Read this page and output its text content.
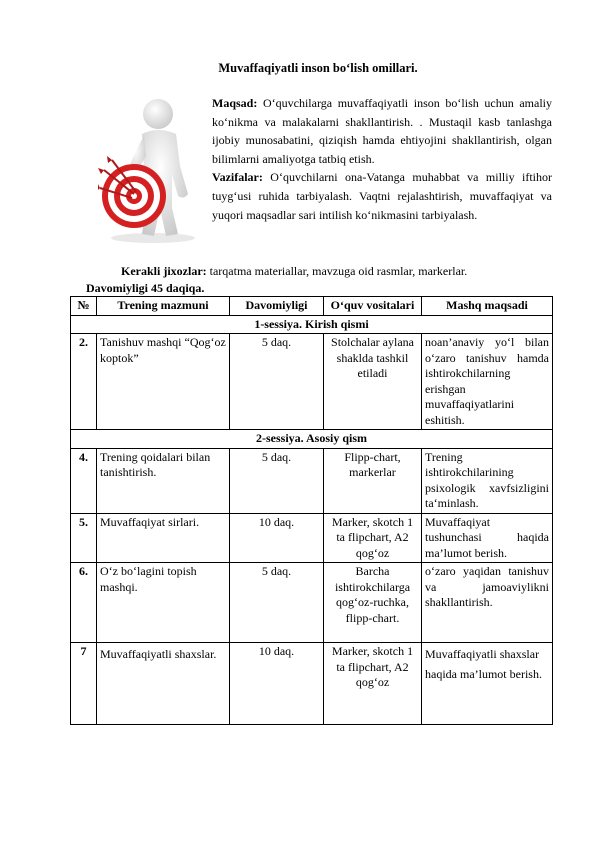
Muvaffaqiyatli inson bo‘lish omillari.

Maqsad: O‘quvchilarga muvaffaqiyatli inson bo‘lish uchun amaliy ko‘nikma va malakalarni shakllantirish. . Mustaqil kasb tanlashga ijobiy munosabatini, qiziqish hamda ehtiyojini shakllantirish, olgan bilimlarni amaliyotga tatbiq etish.

Vazifalar: O‘quvchilarni ona-Vatanga muhabbat va milliy iftihor tuyg‘usi ruhida tarbiyalash. Vaqtni rejalashtirish, muvaffaqiyat va yuqori maqsadlar sari intilish ko‘nikmasini tarbiyalash.

Kerakli jixozlar: tarqatma materiallar, mavzuga oid rasmlar, markerlar.
Davomiyligi 45 daqiqa.
№	Trening mazmuni	Davomiyligi	O‘quv vositalari	Mashq maqsadi
1-sessiya. Kirish qismi				
2.	Tanishuv mashqi “Qog‘oz koptok”	5 daq.	Stolchalar aylana shaklda tashkil etiladi	noan’anaviy yo‘l bilan o‘zaro tanishuv hamda ishtirokchilarning erishgan muvaffaqiyatlarini eshitish.
2-sessiya. Asosiy qism				
4.	Trening qoidalari bilan tanishtirish.	5 daq.	Flipp-chart, markerlar	Trening ishtirokchilarining psixologik xavfsizligini ta‘minlash.
5.	Muvaffaqiyat sirlari.	10 daq.	Marker, skotch 1 ta flipchart, A2 qog‘oz	Muvaffaqiyat tushunchasi haqida ma’lumot berish.
6.	O‘z bo‘lagini topish mashqi.	5 daq.	Barcha ishtirokchilarga qog‘oz-ruchka, flipp-chart.	o‘zaro yaqidan tanishuv va jamoaviylikni shakllantirish.
7	Muvaffaqiyatli shaxslar.	10 daq.	Marker, skotch 1 ta flipchart, A2 qog‘oz	Muvaffaqiyatli shaxslar haqida ma’lumot berish.
